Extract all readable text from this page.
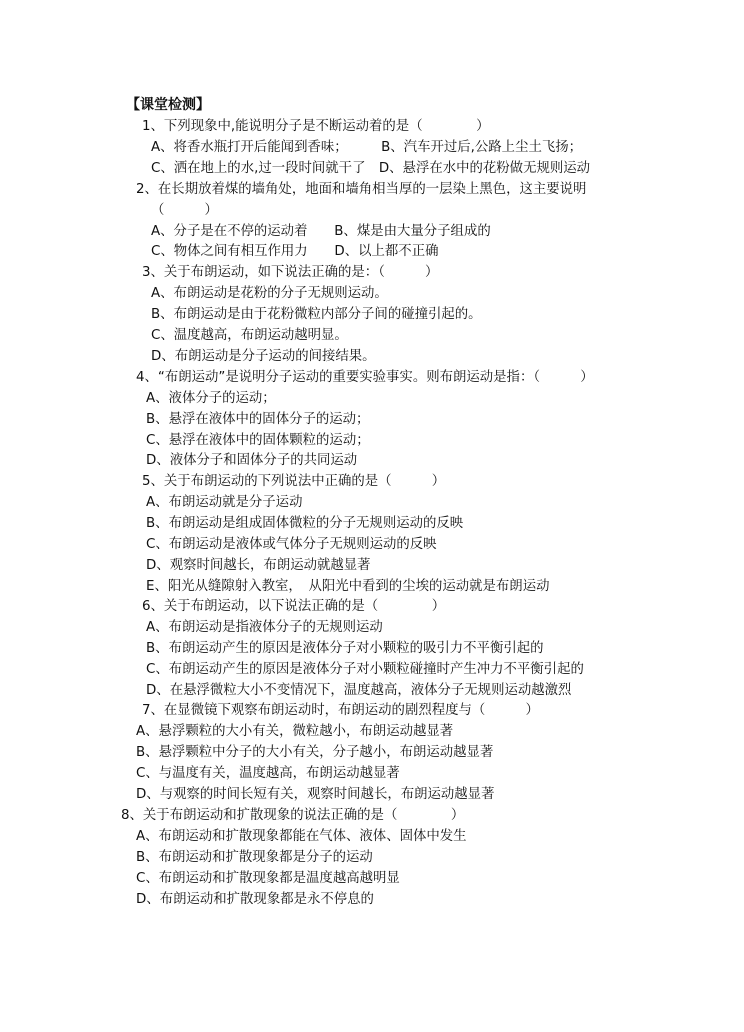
【课堂检测】
1、下列现象中,能说明分子是不断运动着的是（　　　　）
A、将香水瓶打开后能闻到香味；　　　B、汽车开过后,公路上尘土飞扬；
C、洒在地上的水,过一段时间就干了　D、悬浮在水中的花粉做无规则运动
2、在长期放着煤的墙角处，地面和墙角相当厚的一层染上黑色，这主要说明
（　　　）
A、分子是在不停的运动着　　B、煤是由大量分子组成的
C、物体之间有相互作用力　　D、以上都不正确
3、关于布朗运动，如下说法正确的是：（　　　）
A、布朗运动是花粉的分子无规则运动。
B、布朗运动是由于花粉微粒内部分子间的碰撞引起的。
C、温度越高，布朗运动越明显。
D、布朗运动是分子运动的间接结果。
4、“布朗运动”是说明分子运动的重要实验事实。则布朗运动是指：（　　　）
A、液体分子的运动；
B、悬浮在液体中的固体分子的运动；
C、悬浮在液体中的固体颗粒的运动；
D、液体分子和固体分子的共同运动
5、关于布朗运动的下列说法中正确的是（　　　）
A、布朗运动就是分子运动
B、布朗运动是组成固体微粒的分子无规则运动的反映
C、布朗运动是液体或气体分子无规则运动的反映
D、观察时间越长，布朗运动就越显著
E、阳光从缝隙射入教室，　从阳光中看到的尘埃的运动就是布朗运动
6、关于布朗运动，以下说法正确的是（　　　　）
A、布朗运动是指液体分子的无规则运动
B、布朗运动产生的原因是液体分子对小颗粒的吸引力不平衡引起的
C、布朗运动产生的原因是液体分子对小颗粒碰撞时产生冲力不平衡引起的
D、在悬浮微粒大小不变情况下，温度越高，液体分子无规则运动越激烈
7、在显微镜下观察布朗运动时，布朗运动的剧烈程度与（　　　）
A、悬浮颗粒的大小有关，微粒越小，布朗运动越显著
B、悬浮颗粒中分子的大小有关，分子越小，布朗运动越显著
C、与温度有关，温度越高，布朗运动越显著
D、与观察的时间长短有关，观察时间越长，布朗运动越显著
8、关于布朗运动和扩散现象的说法正确的是（　　　　）
A、布朗运动和扩散现象都能在气体、液体、固体中发生
B、布朗运动和扩散现象都是分子的运动
C、布朗运动和扩散现象都是温度越高越明显
D、布朗运动和扩散现象都是永不停息的
